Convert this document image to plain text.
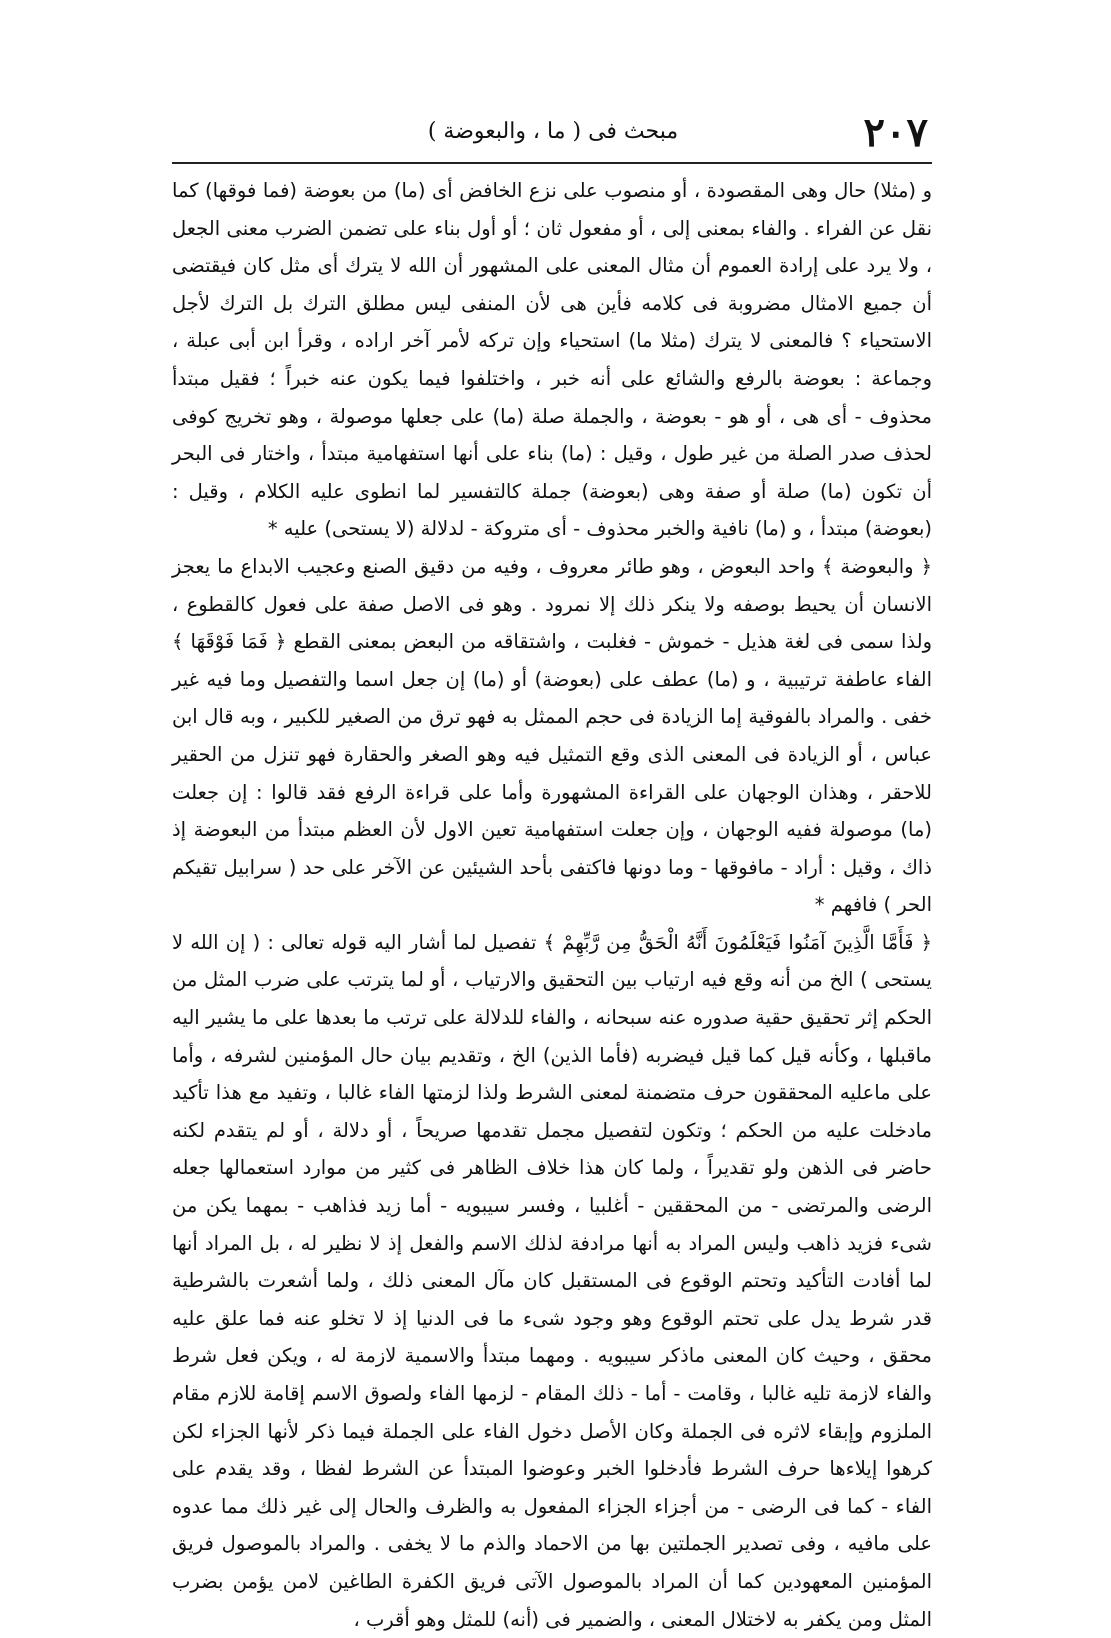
٢٠٧
مبحث فى ( ما ، والبعوضة )

و (مثلا) حال وهى المقصودة ، أو منصوب على نزع الخافض أى (ما) من بعوضة (فما فوقها) كما نقل عن الفراء . والفاء بمعنى إلى ، أو مفعول ثان ؛ أو أول بناء على تضمن الضرب معنى الجعل ، ولا يرد على إرادة العموم أن مثال المعنى على المشهور أن الله لا يترك أى مثل كان فيقتضى أن جميع الامثال مضروبة فى كلامه فأين هى لأن المنفى ليس مطلق الترك بل الترك لأجل الاستحياء ؟ فالمعنى لا يترك (مثلا ما) استحياء وإن تركه لأمر آخر اراده ، وقرأ ابن أبى عبلة ، وجماعة : بعوضة بالرفع والشائع على أنه خبر ، واختلفوا فيما يكون عنه خبراً ؛ فقيل مبتدأ محذوف - أى هى ، أو هو - بعوضة ، والجملة صلة (ما) على جعلها موصولة ، وهو تخريج كوفى لحذف صدر الصلة من غير طول ، وقيل : (ما) بناء على أنها استفهامية مبتدأ ، واختار فى البحر أن تكون (ما) صلة أو صفة وهى (بعوضة) جملة كالتفسير لما انطوى عليه الكلام ، وقيل : (بعوضة) مبتدأ ، و (ما) نافية والخبر محذوف - أى متروكة - لدلالة (لا يستحى) عليه *

﴿ والبعوضة ﴾ واحد البعوض ، وهو طائر معروف ، وفيه من دقيق الصنع وعجيب الابداع ما يعجز الانسان أن يحيط بوصفه ولا ينكر ذلك إلا نمرود . وهو فى الاصل صفة على فعول كالقطوع ، ولذا سمى فى لغة هذيل - خموش - فغلبت ، واشتقاقه من البعض بمعنى القطع ﴿ فَمَا فَوْقَهَا ﴾ الفاء عاطفة ترتيبية ، و (ما) عطف على (بعوضة) أو (ما) إن جعل اسما والتفصيل وما فيه غير خفى . والمراد بالفوقية إما الزيادة فى حجم الممثل به فهو ترق من الصغير للكبير ، وبه قال ابن عباس ، أو الزيادة فى المعنى الذى وقع التمثيل فيه وهو الصغر والحقارة فهو تنزل من الحقير للاحقر ، وهذان الوجهان على القراءة المشهورة وأما على قراءة الرفع فقد قالوا : إن جعلت (ما) موصولة ففيه الوجهان ، وإن جعلت استفهامية تعين الاول لأن العظم مبتدأ من البعوضة إذ ذاك ، وقيل : أراد - مافوقها - وما دونها فاكتفى بأحد الشيئين عن الآخر على حد ( سرابيل تقيكم الحر ) فافهم *

﴿ فَأَمَّا الَّذِينَ آمَنُوا فَيَعْلَمُونَ أَنَّهُ الْحَقُّ مِن رَّبِّهِمْ ﴾ تفصيل لما أشار اليه قوله تعالى : ( إن الله لا يستحى ) الخ من أنه وقع فيه ارتياب بين التحقيق والارتياب ، أو لما يترتب على ضرب المثل من الحكم إثر تحقيق حقية صدوره عنه سبحانه ، والفاء للدلالة على ترتب ما بعدها على ما يشير اليه ماقبلها ، وكأنه قيل كما قيل فيضربه (فأما الذين) الخ ، وتقديم بيان حال المؤمنين لشرفه ، وأما على ماعليه المحققون حرف متضمنة لمعنى الشرط ولذا لزمتها الفاء غالبا ، وتفيد مع هذا تأكيد مادخلت عليه من الحكم ؛ وتكون لتفصيل مجمل تقدمها صريحاً ، أو دلالة ، أو لم يتقدم لكنه حاضر فى الذهن ولو تقديراً ، ولما كان هذا خلاف الظاهر فى كثير من موارد استعمالها جعله الرضى والمرتضى - من المحققين - أغلبيا ، وفسر سيبويه - أما زيد فذاهب - بمهما يكن من شىء فزيد ذاهب وليس المراد به أنها مرادفة لذلك الاسم والفعل إذ لا نظير له ، بل المراد أنها لما أفادت التأكيد وتحتم الوقوع فى المستقبل كان مآل المعنى ذلك ، ولما أشعرت بالشرطية قدر شرط يدل على تحتم الوقوع وهو وجود شىء ما فى الدنيا إذ لا تخلو عنه فما علق عليه محقق ، وحيث كان المعنى ماذكر سيبويه . ومهما مبتدأ والاسمية لازمة له ، ويكن فعل شرط والفاء لازمة تليه غالبا ، وقامت - أما - ذلك المقام - لزمها الفاء ولصوق الاسم إقامة للازم مقام الملزوم وإبقاء لاثره فى الجملة وكان الأصل دخول الفاء على الجملة فيما ذكر لأنها الجزاء لكن كرهوا إيلاءها حرف الشرط فأدخلوا الخبر وعوضوا المبتدأ عن الشرط لفظا ، وقد يقدم على الفاء - كما فى الرضى - من أجزاء الجزاء المفعول به والظرف والحال إلى غير ذلك مما عدوه على مافيه ، وفى تصدير الجملتين بها من الاحماد والذم ما لا يخفى . والمراد بالموصول فريق المؤمنين المعهودين كما أن المراد بالموصول الآتى فريق الكفرة الطاغين لامن يؤمن بضرب المثل ومن يكفر به لاختلال المعنى ، والضمير فى (أنه) للمثل وهو أقرب ،
